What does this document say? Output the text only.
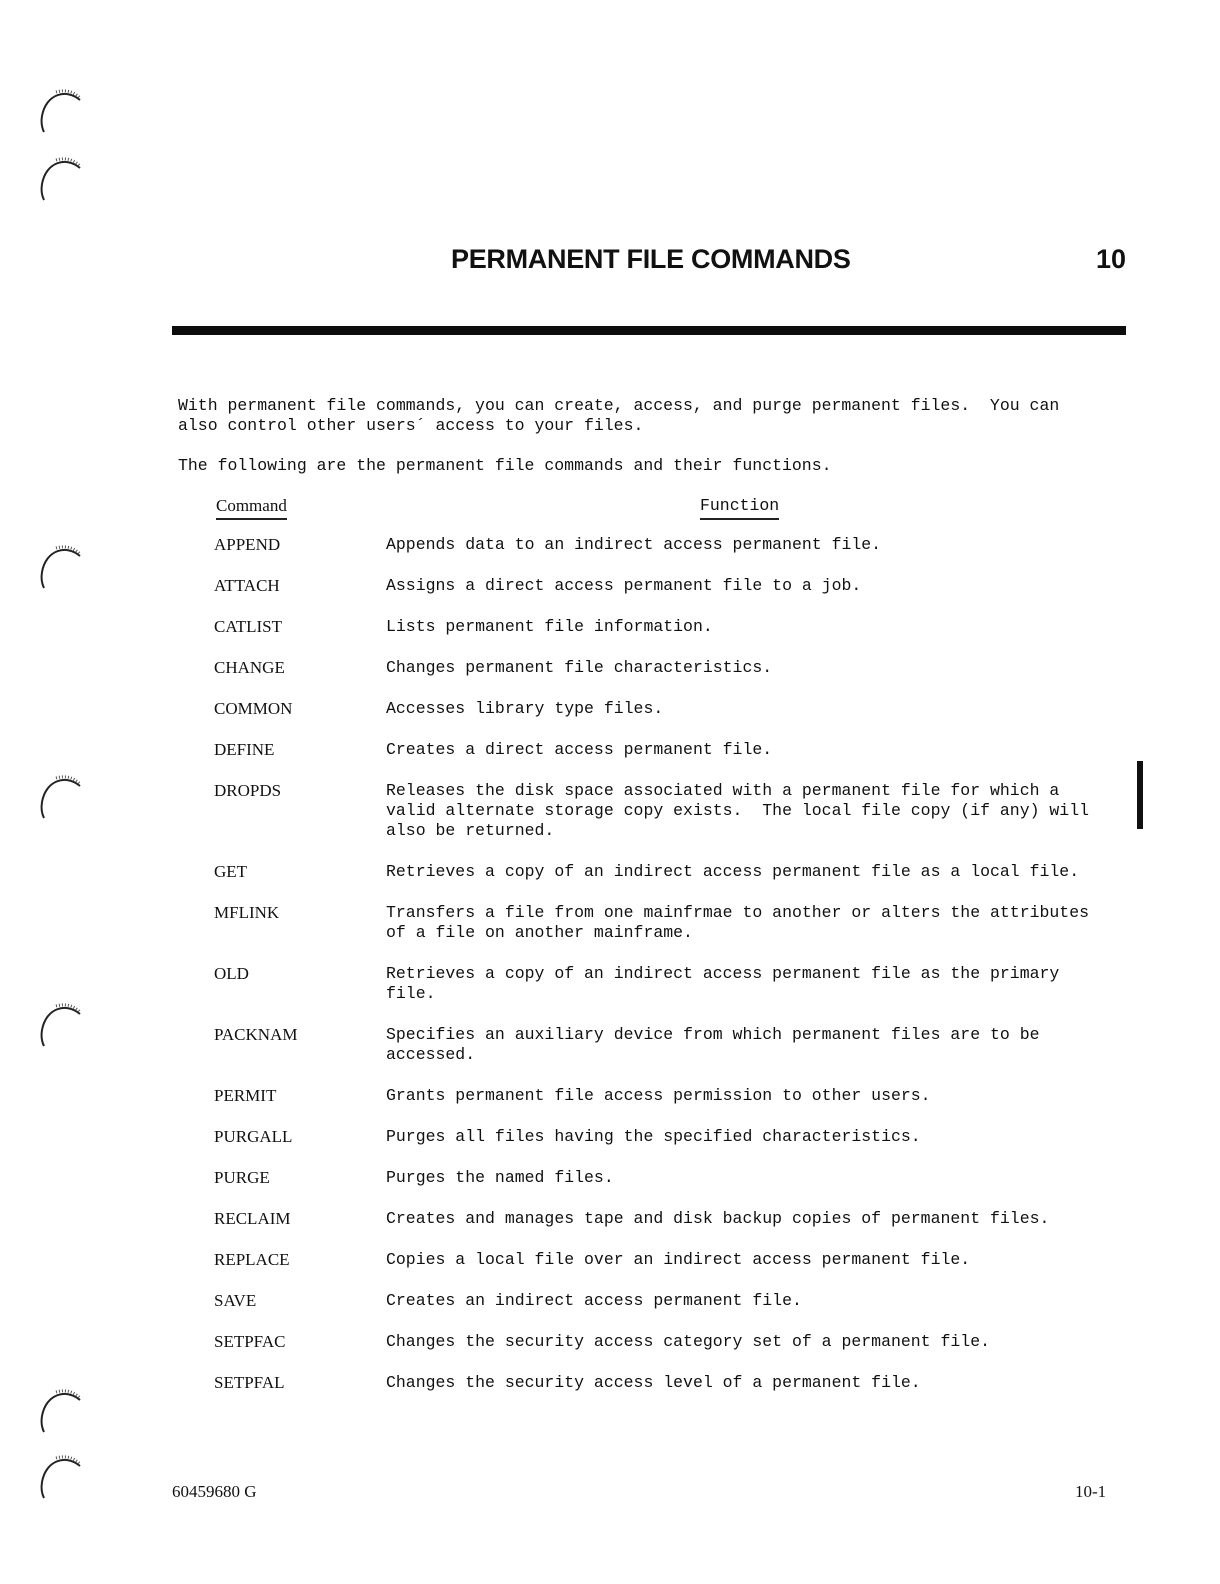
PERMANENT FILE COMMANDS	10

With permanent file commands, you can create, access, and purge permanent files.  You can
also control other users´ access to your files.

The following are the permanent file commands and their functions.

Command	Function
APPEND	Appends data to an indirect access permanent file.
ATTACH	Assigns a direct access permanent file to a job.
CATLIST	Lists permanent file information.
CHANGE	Changes permanent file characteristics.
COMMON	Accesses library type files.
DEFINE	Creates a direct access permanent file.
DROPDS	Releases the disk space associated with a permanent file for which a
valid alternate storage copy exists.  The local file copy (if any) will
also be returned.
GET	Retrieves a copy of an indirect access permanent file as a local file.
MFLINK	Transfers a file from one mainfrmae to another or alters the attributes
of a file on another mainframe.
OLD	Retrieves a copy of an indirect access permanent file as the primary
file.
PACKNAM	Specifies an auxiliary device from which permanent files are to be
accessed.
PERMIT	Grants permanent file access permission to other users.
PURGALL	Purges all files having the specified characteristics.
PURGE	Purges the named files.
RECLAIM	Creates and manages tape and disk backup copies of permanent files.
REPLACE	Copies a local file over an indirect access permanent file.
SAVE	Creates an indirect access permanent file.
SETPFAC	Changes the security access category set of a permanent file.
SETPFAL	Changes the security access level of a permanent file.
60459680 G	10-1
